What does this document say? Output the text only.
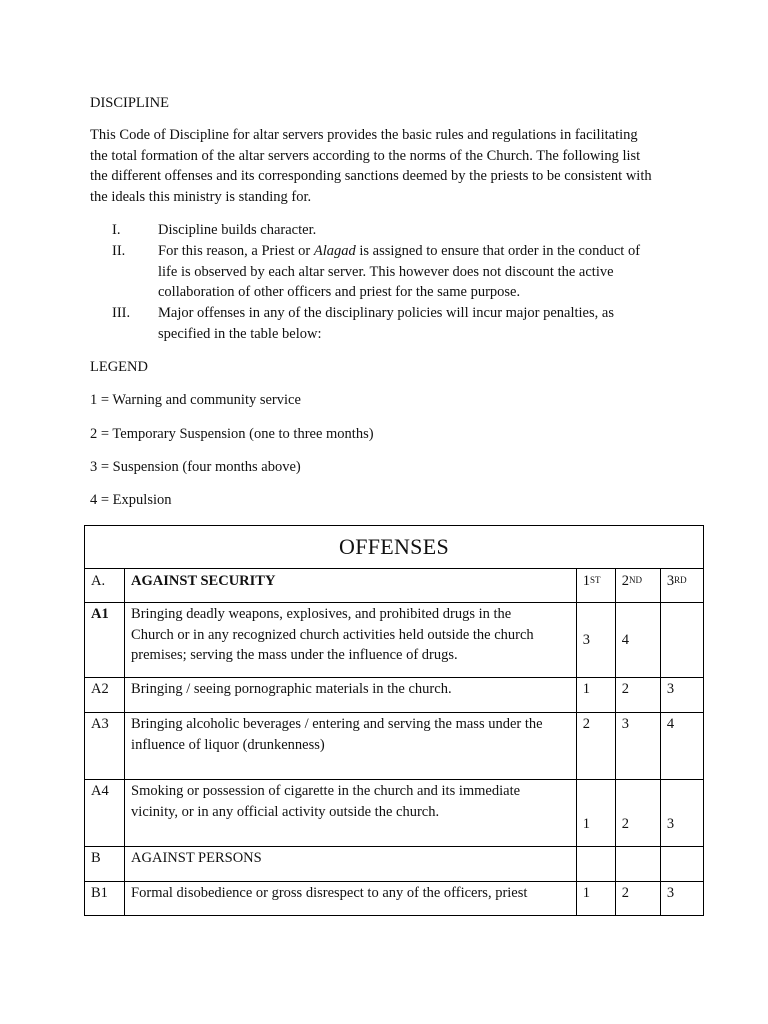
DISCIPLINE
This Code of Discipline for altar servers provides the basic rules and regulations in facilitating
the total formation of the altar servers according to the norms of the Church. The following list
the different offenses and its corresponding sanctions deemed by the priests to be consistent with
the ideals this ministry is standing for.
I.	Discipline builds character.
II. For this reason, a Priest or Alagad is assigned to ensure that order in the conduct of
life is observed by each altar server. This however does not discount the active
collaboration of other officers and priest for the same purpose.
III. Major offenses in any of the disciplinary policies will incur major penalties, as
specified in the table below:
LEGEND
1 = Warning and community service
2 = Temporary Suspension (one to three months)
3 = Suspension (four months above)
4 = Expulsion
OFFENSES				

A.	AGAINST SECURITY	1ST	2ND	3RD

A1	Bringing deadly weapons, explosives, and prohibited drugs in the
Church or in any recognized church activities held outside the church
premises; serving the mass under the influence of drugs.	3	4	

A2	Bringing / seeing pornographic materials in the church.	1	2	3

A3	Bringing alcoholic beverages / entering and serving the mass under the
influence of liquor (drunkenness)	2	3	4

A4	Smoking or possession of cigarette in the church and its immediate
vicinity, or in any official activity outside the church.	1	2	3

B	AGAINST PERSONS			

B1	Formal disobedience or gross disrespect to any of the officers, priest	1	2	3
